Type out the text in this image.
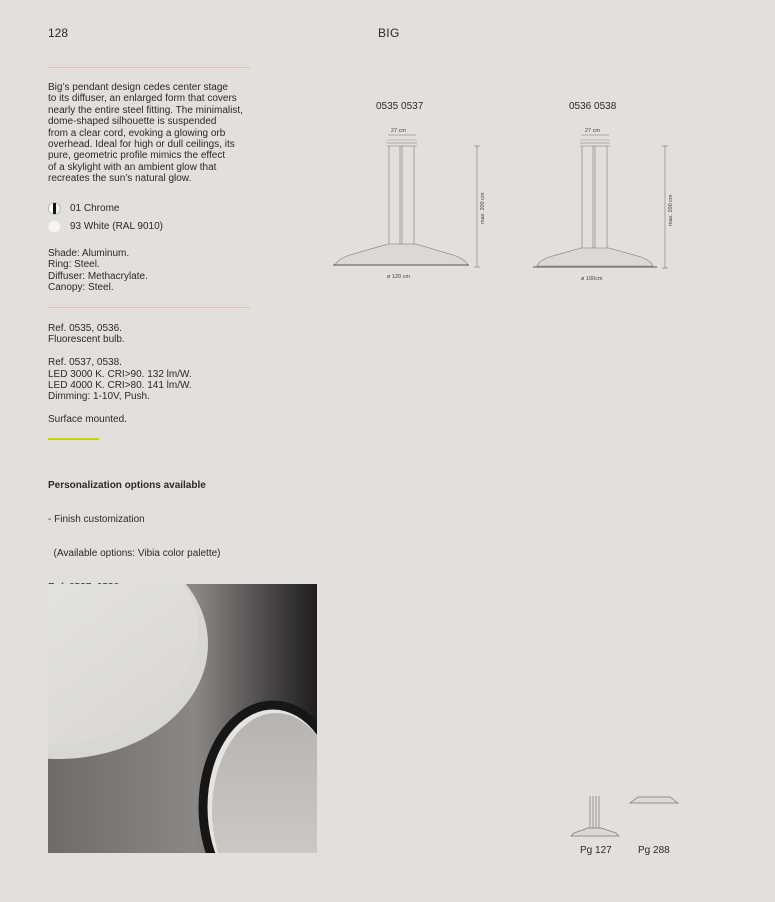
128	BIG
Big’s pendant design cedes center stage
to its diffuser, an enlarged form that covers
nearly the entire steel fitting. The minimalist,
dome-shaped silhouette is suspended
from a clear cord, evoking a glowing orb
overhead. Ideal for high or dull ceilings, its
pure, geometric profile mimics the effect
of a skylight with an ambient glow that
recreates the sun’s natural glow.
01 Chrome
93 White (RAL 9010)
Shade: Aluminum.
Ring: Steel.
Diffuser: Methacrylate.
Canopy: Steel.
Ref. 0535, 0536.
Fluorescent bulb.
Ref. 0537, 0538.
LED 3000 K. CRI>90. 132 lm/W.
LED 4000 K. CRI>80. 141 lm/W.
Dimming: 1-10V, Push.
Surface mounted.

Personalization options available

- Finish customization

(Available options: Vibia color palette)

0535 0537
27 cm
ø 120 cm
max. 200 cm
0536 0538
27 cm
ø 100cm
max. 200 cm
Pg 127	Pg 288
